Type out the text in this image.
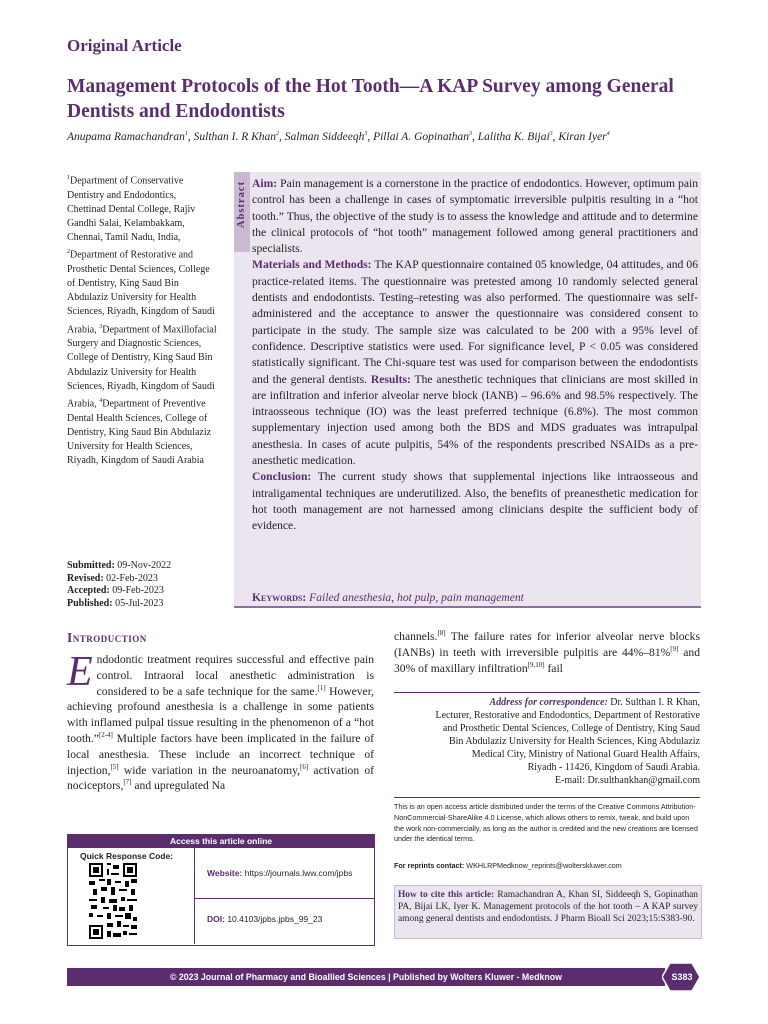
Original Article
Management Protocols of the Hot Tooth—A KAP Survey among General Dentists and Endodontists
Anupama Ramachandran$^1$, Sulthan I. R Khan$^2$, Salman Siddeeqh$^3$, Pillai A. Gopinathan$^3$, Lalitha K. Bijai$^3$, Kiran Iyer$^4$

$^1$Department of Conservative Dentistry and Endodontics, Chettinad Dental College, Rajiv Gandhi Salai, Kelambakkam, Chennai, Tamil Nadu, India, $^2$Department of Restorative and Prosthetic Dental Sciences, College of Dentistry, King Saud Bin Abdulaziz University for Health Sciences, Riyadh, Kingdom of Saudi Arabia, $^3$Department of Maxillofacial Surgery and Diagnostic Sciences, College of Dentistry, King Saud Bin Abdulaziz University for Health Sciences, Riyadh, Kingdom of Saudi Arabia, $^4$Department of Preventive Dental Health Sciences, College of Dentistry, King Saud Bin Abdulaziz University for Health Sciences, Riyadh, Kingdom of Saudi Arabia

Submitted: 09-Nov-2022
Revised: 02-Feb-2023
Accepted: 09-Feb-2023
Published: 05-Jul-2023
Abstract Aim: Pain management is a cornerstone in the practice of endodontics. However, optimum pain control has been a challenge in cases of symptomatic irreversible pulpitis resulting in a “hot tooth.” Thus, the objective of the study is to assess the knowledge and attitude and to determine the clinical protocols of “hot tooth” management followed among general practitioners and specialists.
Materials and Methods: The KAP questionnaire contained 05 knowledge, 04 attitudes, and 06 practice-related items. The questionnaire was pretested among 10 randomly selected general dentists and endodontists. Testing–retesting was also performed. The questionnaire was self-administered and the acceptance to answer the questionnaire was considered consent to participate in the study. The sample size was calculated to be 200 with a 95% level of confidence. Descriptive statistics were used. For significance level, P < 0.05 was considered statistically significant. The Chi-square test was used for comparison between the endodontists and the general dentists. Results: The anesthetic techniques that clinicians are most skilled in are infiltration and inferior alveolar nerve block (IANB) – 96.6% and 98.5% respectively. The intraosseous technique (IO) was the least preferred technique (6.8%). The most common supplementary injection used among both the BDS and MDS graduates was intrapulpal anesthesia. In cases of acute pulpitis, 54% of the respondents prescribed NSAIDs as a pre-anesthetic medication.
Conclusion: The current study shows that supplemental injections like intraosseous and intraligamental techniques are underutilized. Also, the benefits of preanesthetic medication for hot tooth management are not harnessed among clinicians despite the sufficient body of evidence.
Keywords: Failed anesthesia, hot pulp, pain management
Introduction
Endodontic treatment requires successful and effective pain control. Intraoral local anesthetic administration is considered to be a safe technique for the same.[1] However, achieving profound anesthesia is a challenge in some patients with inflamed pulpal tissue resulting in the phenomenon of a “hot tooth.”[2-4] Multiple factors have been implicated in the failure of local anesthesia. These include an incorrect technique of injection,[5] wide variation in the neuroanatomy,[6] activation of nociceptors,[7] and upregulated Na
channels.[8] The failure rates for inferior alveolar nerve blocks (IANBs) in teeth with irreversible pulpitis are 44%–81%[9] and 30% of maxillary infiltration[9,10] fail
Address for correspondence: Dr. Sulthan I. R Khan,
Lecturer, Restorative and Endodontics, Department of Restorative
and Prosthetic Dental Sciences, College of Dentistry, King Saud
Bin Abdulaziz University for Health Sciences, King Abdulaziz
Medical City, Ministry of National Guard Health Affairs,
Riyadh - 11426, Kingdom of Saudi Arabia.
E-mail: Dr.sulthankhan@gmail.com
This is an open access article distributed under the terms of the Creative Commons Attribution-NonCommercial-ShareAlike 4.0 License, which allows others to remix, tweak, and build upon the work non-commercially, as long as the author is credited and the new creations are licensed under the identical terms.
For reprints contact: WKHLRPMedknow_reprints@wolterskluwer.com
How to cite this article: Ramachandran A, Khan SI, Siddeeqh S, Gopinathan PA, Bijai LK, Iyer K. Management protocols of the hot tooth – A KAP survey among general dentists and endodontists. J Pharm Bioall Sci 2023;15:S383-90.
Access this article online
Quick Response Code:
Website: https://journals.lww.com/jpbs
DOI: 10.4103/jpbs.jpbs_99_23
© 2023 Journal of Pharmacy and Bioallied Sciences | Published by Wolters Kluwer - Medknow	S383
